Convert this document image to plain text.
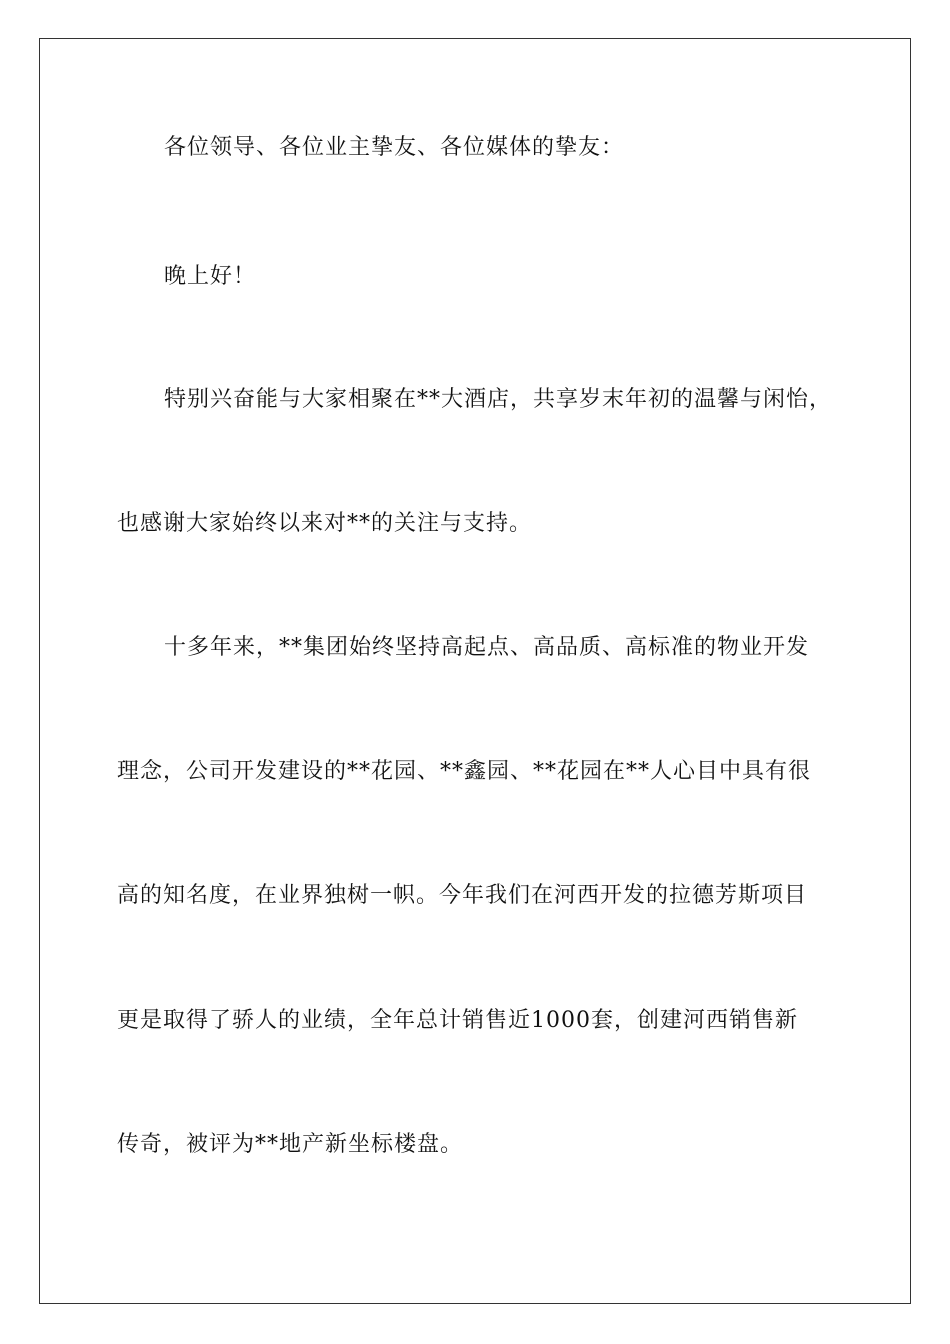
各位领导、各位业主挚友、各位媒体的挚友：
晚上好！
特别兴奋能与大家相聚在**大酒店，共享岁末年初的温馨与闲怡，
也感谢大家始终以来对**的关注与支持。
十多年来，**集团始终坚持高起点、高品质、高标准的物业开发
理念，公司开发建设的**花园、**鑫园、**花园在**人心目中具有很
高的知名度，在业界独树一帜。今年我们在河西开发的拉德芳斯项目
更是取得了骄人的业绩，全年总计销售近1000套，创建河西销售新
传奇，被评为**地产新坐标楼盘。
